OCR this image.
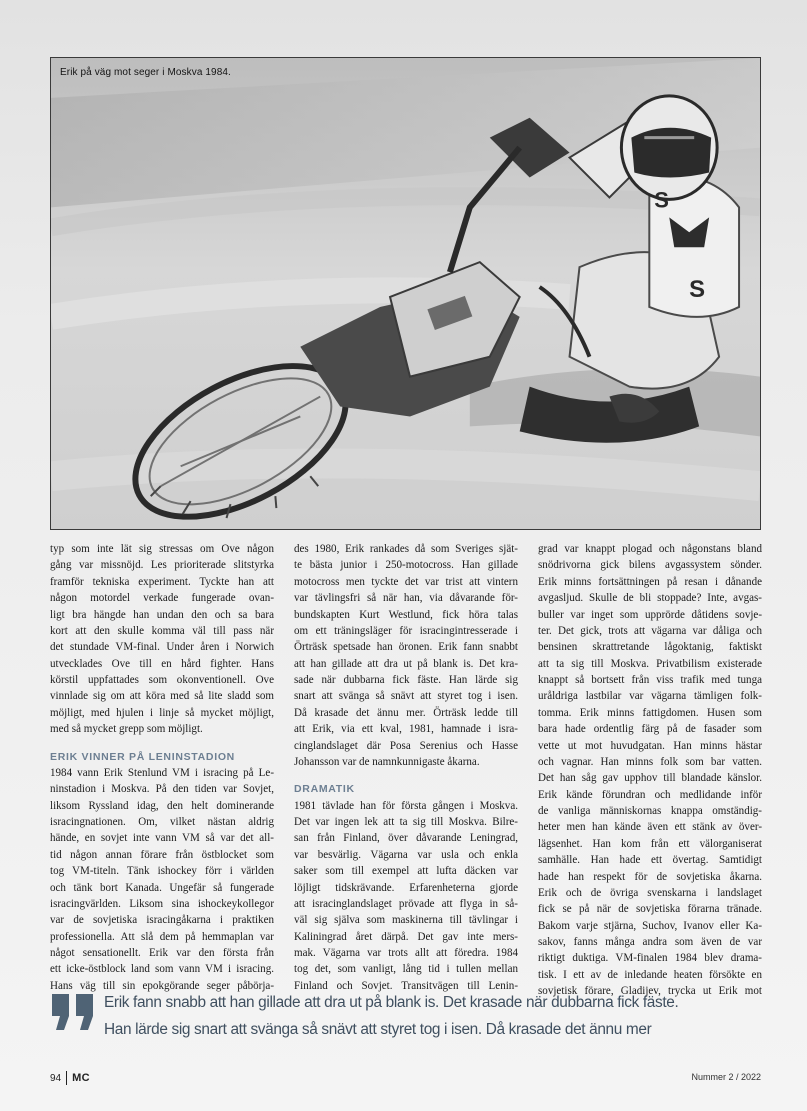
S
S
Erik på väg mot seger i Moskva 1984.
typ som inte lät sig stressas om Ove någon
gång var missnöjd. Les prioriterade slitstyrka
framför tekniska experiment. Tyckte han att
någon motordel verkade fungerade ovan-
ligt bra hängde han undan den och sa bara
kort att den skulle komma väl till pass när
det stundade VM-final. Under åren i Norwich
utvecklades Ove till en hård fighter. Hans
körstil uppfattades som okonventionell. Ove
vinnlade sig om att köra med så lite sladd som
möjligt, med hjulen i linje så mycket möjligt,
med så mycket grepp som möjligt.
ERIK VINNER PÅ LENINSTADION
1984 vann Erik Stenlund VM i isracing på Le-
ninstadion i Moskva. På den tiden var Sovjet,
liksom Ryssland idag, den helt dominerande
isracingnationen. Om, vilket nästan aldrig
hände, en sovjet inte vann VM så var det all-
tid någon annan förare från östblocket som
tog VM-titeln. Tänk ishockey förr i världen
och tänk bort Kanada. Ungefär så fungerade
isracingvärlden. Liksom sina ishockeykollegor
var de sovjetiska isracingåkarna i praktiken
professionella. Att slå dem på hemmaplan var
något sensationellt. Erik var den första från
ett icke-östblock land som vann VM i isracing.
Hans väg till sin epokgörande seger påbörja-
des 1980, Erik rankades då som Sveriges sjät-
te bästa junior i 250-motocross. Han gillade
motocross men tyckte det var trist att vintern
var tävlingsfri så när han, via dåvarande för-
bundskapten Kurt Westlund, fick höra talas
om ett träningsläger för isracingintresserade i
Örträsk spetsade han öronen. Erik fann snabbt
att han gillade att dra ut på blank is. Det kra-
sade när dubbarna fick fäste. Han lärde sig
snart att svänga så snävt att styret tog i isen.
Då krasade det ännu mer. Örträsk ledde till
att Erik, via ett kval, 1981, hamnade i isra-
cinglandslaget där Posa Serenius och Hasse
Johansson var de namnkunnigaste åkarna.
DRAMATIK
1981 tävlade han för första gången i Moskva.
Det var ingen lek att ta sig till Moskva. Bilre-
san från Finland, över dåvarande Leningrad,
var besvärlig. Vägarna var usla och enkla
saker som till exempel att lufta däcken var
löjligt tidskrävande. Erfarenheterna gjorde
att isracinglandslaget prövade att flyga in så-
väl sig själva som maskinerna till tävlingar i
Kaliningrad året därpå. Det gav inte mers-
mak. Vägarna var trots allt att föredra. 1984
tog det, som vanligt, lång tid i tullen mellan
Finland och Sovjet. Transitvägen till Lenin-
grad var knappt plogad och någonstans bland
snödrivorna gick bilens avgassystem sönder.
Erik minns fortsättningen på resan i dånande
avgasljud. Skulle de bli stoppade? Inte, avgas-
buller var inget som upprörde dåtidens sovje-
ter. Det gick, trots att vägarna var dåliga och
bensinen skrattretande lågoktanig, faktiskt
att ta sig till Moskva. Privatbilism existerade
knappt så bortsett från viss trafik med tunga
uråldriga lastbilar var vägarna tämligen folk-
tomma. Erik minns fattigdomen. Husen som
bara hade ordentlig färg på de fasader som
vette ut mot huvudgatan. Han minns hästar
och vagnar. Han minns folk som bar vatten.
Det han såg gav upphov till blandade känslor.
Erik kände förundran och medlidande inför
de vanliga människornas knappa omständig-
heter men han kände även ett stänk av över-
lägsenhet. Han kom från ett välorganiserat
samhälle. Han hade ett övertag. Samtidigt
hade han respekt för de sovjetiska åkarna.
Erik och de övriga svenskarna i landslaget
fick se på när de sovjetiska förarna tränade.
Bakom varje stjärna, Suchov, Ivanov eller Ka-
sakov, fanns många andra som även de var
riktigt duktiga. VM-finalen 1984 blev drama-
tisk. I ett av de inledande heaten försökte en
sovjetisk förare, Gladijev, trycka ut Erik mot
Erik fann snabb att han gillade att dra ut på blank is. Det krasade när dubbarna fick fäste.
Han lärde sig snart att svänga så snävt att styret tog i isen. Då krasade det ännu mer
94 MC	Nummer 2 / 2022
